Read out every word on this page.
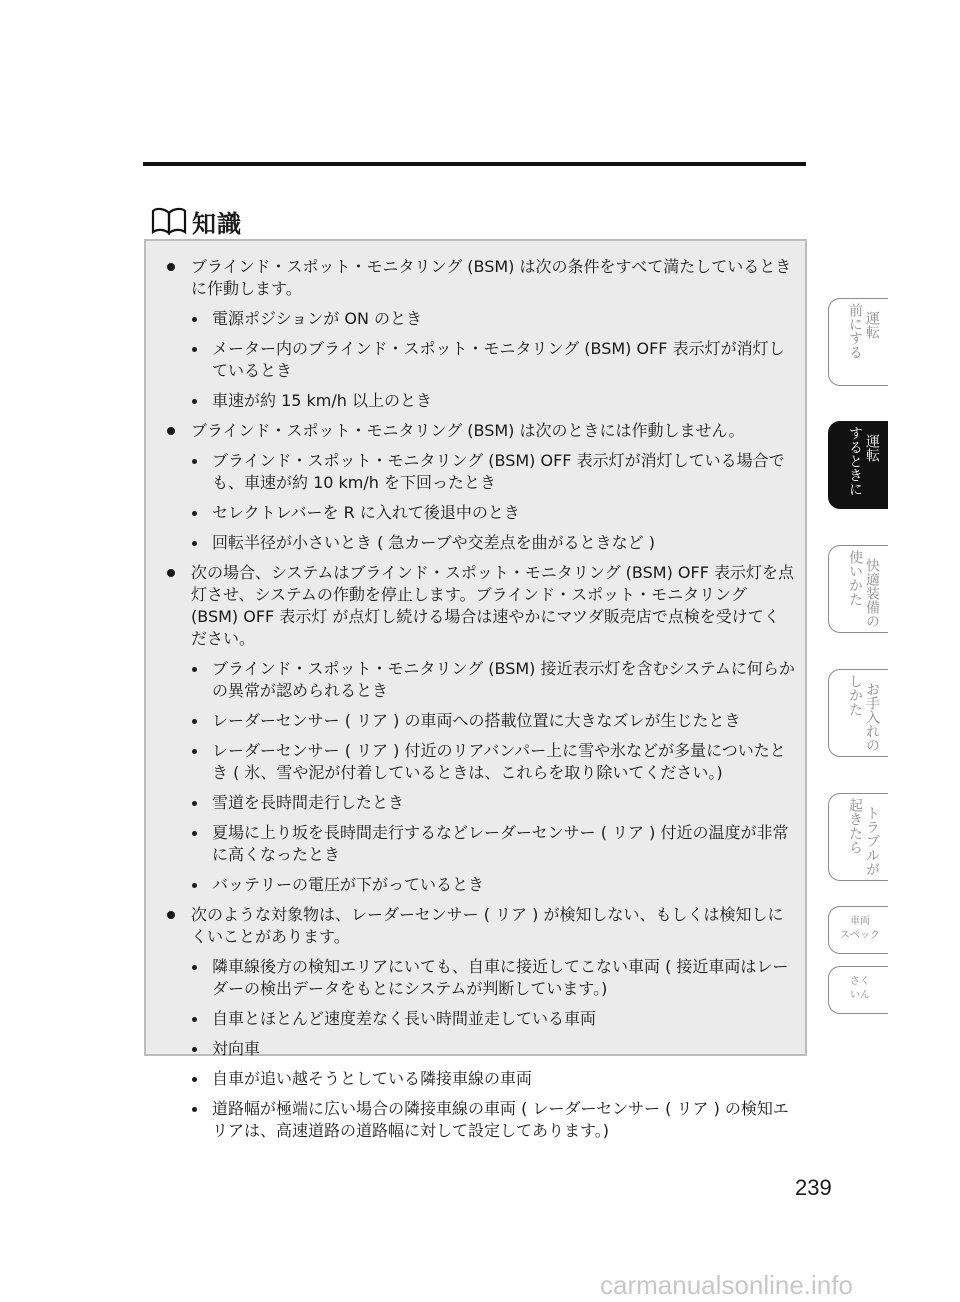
知識
ブラインド・スポット・モニタリング (BSM) は次の条件をすべて満たしているときに作動します。
電源ポジションが ON のとき
メーター内のブラインド・スポット・モニタリング (BSM) OFF 表示灯が消灯しているとき
車速が約 15 km/h 以上のとき
ブラインド・スポット・モニタリング (BSM) は次のときには作動しません。
ブラインド・スポット・モニタリング (BSM) OFF 表示灯が消灯している場合でも、車速が約 10 km/h を下回ったとき
セレクトレバーを R に入れて後退中のとき
回転半径が小さいとき ( 急カーブや交差点を曲がるときなど )
次の場合、システムはブラインド・スポット・モニタリング (BSM) OFF 表示灯を点灯させ、システムの作動を停止します。ブラインド・スポット・モニタリング (BSM) OFF 表示灯 が点灯し続ける場合は速やかにマツダ販売店で点検を受けてください。
ブラインド・スポット・モニタリング (BSM) 接近表示灯を含むシステムに何らかの異常が認められるとき
レーダーセンサー ( リア ) の車両への搭載位置に大きなズレが生じたとき
レーダーセンサー ( リア ) 付近のリアバンパー上に雪や氷などが多量についたとき ( 氷、雪や泥が付着しているときは、これらを取り除いてください。)
雪道を長時間走行したとき
夏場に上り坂を長時間走行するなどレーダーセンサー ( リア ) 付近の温度が非常に高くなったとき
バッテリーの電圧が下がっているとき
次のような対象物は、レーダーセンサー ( リア ) が検知しない、もしくは検知しにくいことがあります。
隣車線後方の検知エリアにいても、自車に接近してこない車両 ( 接近車両はレーダーの検出データをもとにシステムが判断しています。)
自車とほとんど速度差なく長い時間並走している車両
対向車
自車が追い越そうとしている隣接車線の車両
道路幅が極端に広い場合の隣接車線の車両 ( レーダーセンサー ( リア ) の検知エリアは、高速道路の道路幅に対して設定してあります。)
運転
前にする
運転
するときに
快適装備の
使いかた
お手入れの
しかた
トラブルが
起きたら
車両
スペック
さく
いん
239
carmanualsonline.info
